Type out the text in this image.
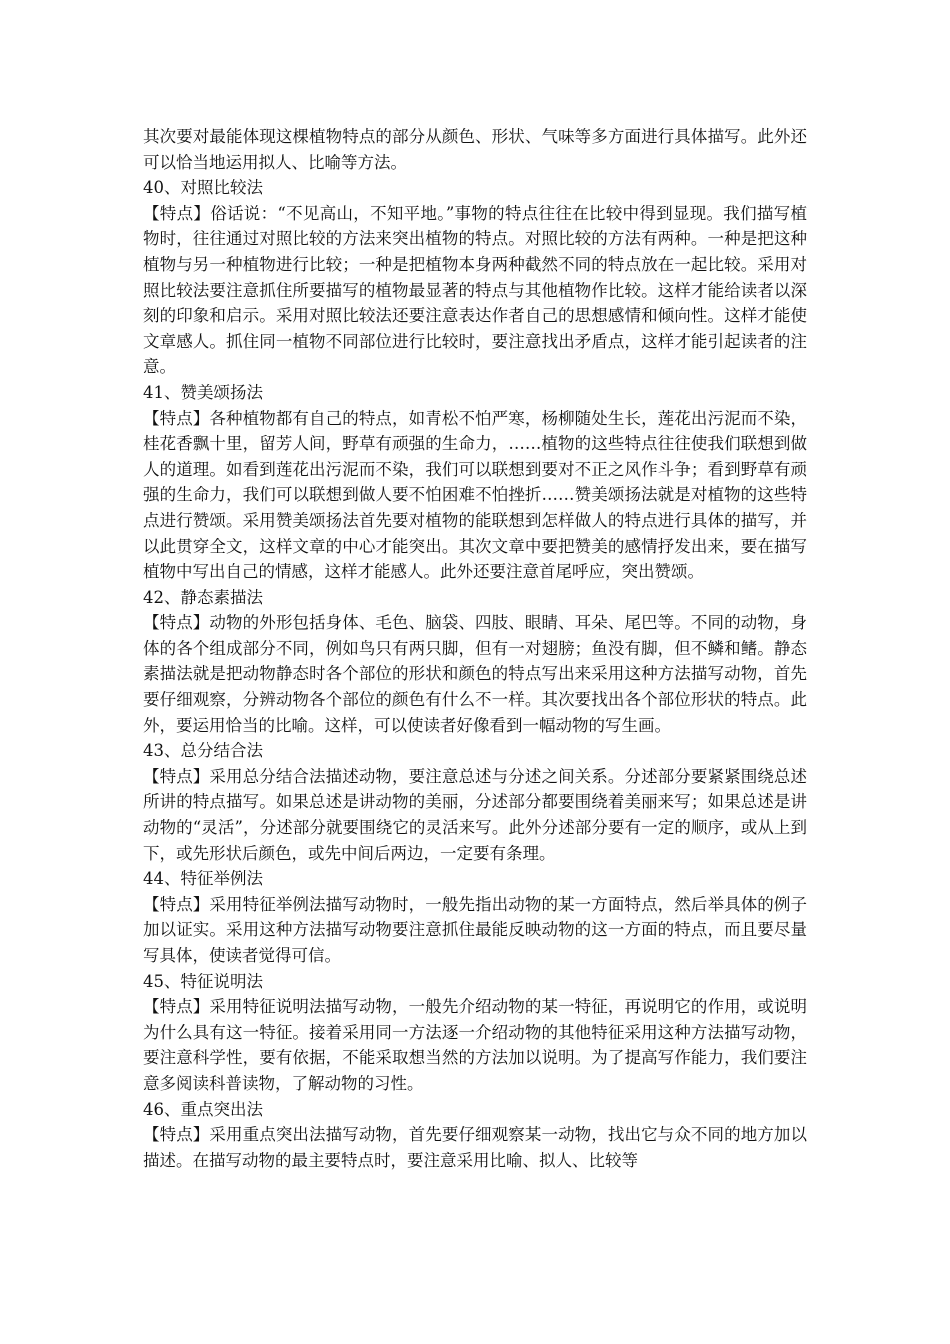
其次要对最能体现这棵植物特点的部分从颜色、形状、气味等多方面进行具体描写。此外还可以恰当地运用拟人、比喻等方法。

40、对照比较法

【特点】俗话说：“不见高山，不知平地。”事物的特点往往在比较中得到显现。我们描写植物时，往往通过对照比较的方法来突出植物的特点。对照比较的方法有两种。一种是把这种植物与另一种植物进行比较；一种是把植物本身两种截然不同的特点放在一起比较。采用对照比较法要注意抓住所要描写的植物最显著的特点与其他植物作比较。这样才能给读者以深刻的印象和启示。采用对照比较法还要注意表达作者自己的思想感情和倾向性。这样才能使文章感人。抓住同一植物不同部位进行比较时，要注意找出矛盾点，这样才能引起读者的注意。

41、赞美颂扬法

【特点】各种植物都有自己的特点，如青松不怕严寒，杨柳随处生长，莲花出污泥而不染，桂花香飘十里，留芳人间，野草有顽强的生命力，……植物的这些特点往往使我们联想到做人的道理。如看到莲花出污泥而不染，我们可以联想到要对不正之风作斗争；看到野草有顽强的生命力，我们可以联想到做人要不怕困难不怕挫折……赞美颂扬法就是对植物的这些特点进行赞颂。采用赞美颂扬法首先要对植物的能联想到怎样做人的特点进行具体的描写，并以此贯穿全文，这样文章的中心才能突出。其次文章中要把赞美的感情抒发出来，要在描写植物中写出自己的情感，这样才能感人。此外还要注意首尾呼应，突出赞颂。

42、静态素描法

【特点】动物的外形包括身体、毛色、脑袋、四肢、眼睛、耳朵、尾巴等。不同的动物，身体的各个组成部分不同，例如鸟只有两只脚，但有一对翅膀；鱼没有脚，但不鳞和鳍。静态素描法就是把动物静态时各个部位的形状和颜色的特点写出来采用这种方法描写动物，首先要仔细观察，分辨动物各个部位的颜色有什么不一样。其次要找出各个部位形状的特点。此外，要运用恰当的比喻。这样，可以使读者好像看到一幅动物的写生画。

43、总分结合法

【特点】采用总分结合法描述动物，要注意总述与分述之间关系。分述部分要紧紧围绕总述所讲的特点描写。如果总述是讲动物的美丽，分述部分都要围绕着美丽来写；如果总述是讲动物的“灵活”，分述部分就要围绕它的灵活来写。此外分述部分要有一定的顺序，或从上到下，或先形状后颜色，或先中间后两边，一定要有条理。

44、特征举例法

【特点】采用特征举例法描写动物时，一般先指出动物的某一方面特点，然后举具体的例子加以证实。采用这种方法描写动物要注意抓住最能反映动物的这一方面的特点，而且要尽量写具体，使读者觉得可信。

45、特征说明法

【特点】采用特征说明法描写动物，一般先介绍动物的某一特征，再说明它的作用，或说明为什么具有这一特征。接着采用同一方法逐一介绍动物的其他特征采用这种方法描写动物，要注意科学性，要有依据，不能采取想当然的方法加以说明。为了提高写作能力，我们要注意多阅读科普读物，了解动物的习性。

46、重点突出法

【特点】采用重点突出法描写动物，首先要仔细观察某一动物，找出它与众不同的地方加以描述。在描写动物的最主要特点时，要注意采用比喻、拟人、比较等
